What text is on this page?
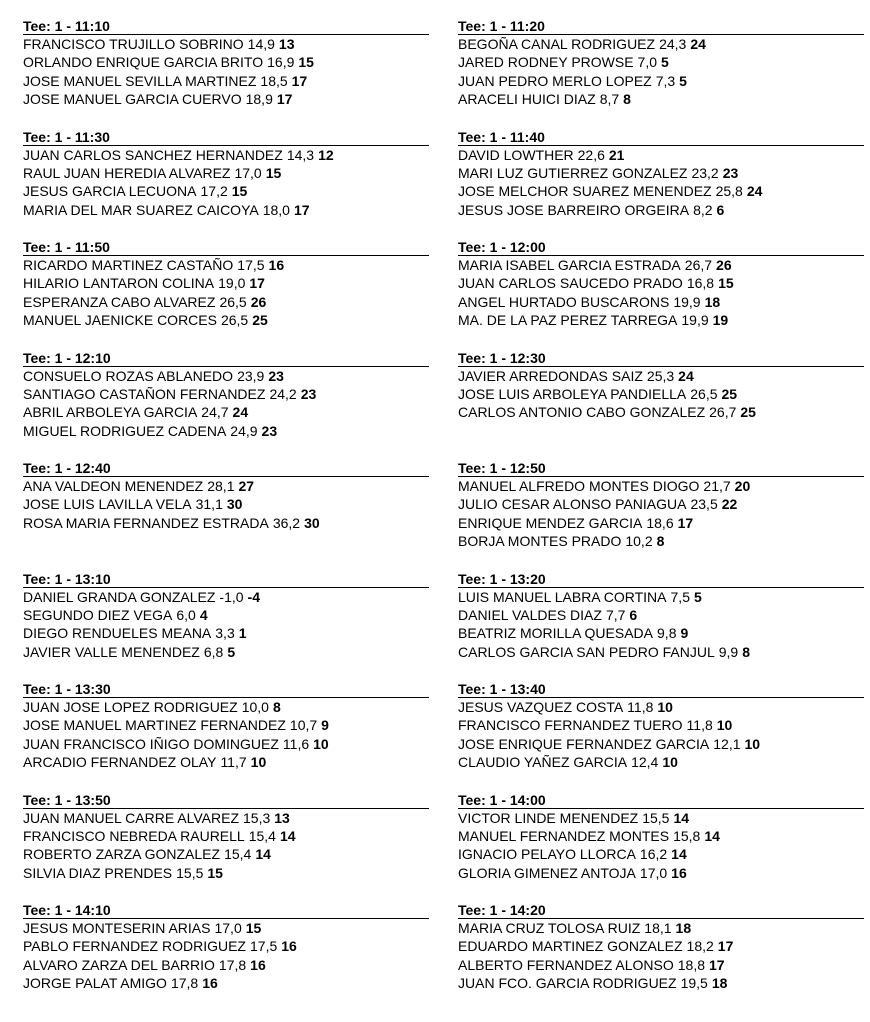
Tee: 1 - 11:10
FRANCISCO TRUJILLO SOBRINO 14,9 13
ORLANDO ENRIQUE GARCIA BRITO 16,9 15
JOSE MANUEL SEVILLA MARTINEZ 18,5 17
JOSE MANUEL GARCIA CUERVO 18,9 17
Tee: 1 - 11:30
JUAN CARLOS SANCHEZ HERNANDEZ 14,3 12
RAUL JUAN HEREDIA ALVAREZ 17,0 15
JESUS GARCIA LECUONA 17,2 15
MARIA DEL MAR SUAREZ CAICOYA 18,0 17
Tee: 1 - 11:50
RICARDO MARTINEZ CASTAÑO 17,5 16
HILARIO LANTARON COLINA 19,0 17
ESPERANZA CABO ALVAREZ 26,5 26
MANUEL JAENICKE CORCES 26,5 25
Tee: 1 - 12:10
CONSUELO ROZAS ABLANEDO 23,9 23
SANTIAGO CASTAÑON FERNANDEZ 24,2 23
ABRIL ARBOLEYA GARCIA 24,7 24
MIGUEL RODRIGUEZ CADENA 24,9 23
Tee: 1 - 12:40
ANA VALDEON MENENDEZ 28,1 27
JOSE LUIS LAVILLA VELA 31,1 30
ROSA MARIA FERNANDEZ ESTRADA 36,2 30
Tee: 1 - 13:10
DANIEL GRANDA GONZALEZ -1,0 -4
SEGUNDO DIEZ VEGA 6,0 4
DIEGO RENDUELES MEANA 3,3 1
JAVIER VALLE MENENDEZ 6,8 5
Tee: 1 - 13:30
JUAN JOSE LOPEZ RODRIGUEZ 10,0 8
JOSE MANUEL MARTINEZ FERNANDEZ 10,7 9
JUAN FRANCISCO IÑIGO DOMINGUEZ 11,6 10
ARCADIO FERNANDEZ OLAY 11,7 10
Tee: 1 - 13:50
JUAN MANUEL CARRE ALVAREZ 15,3 13
FRANCISCO NEBREDA RAURELL 15,4 14
ROBERTO ZARZA GONZALEZ 15,4 14
SILVIA DIAZ PRENDES 15,5 15
Tee: 1 - 14:10
JESUS MONTESERIN ARIAS 17,0 15
PABLO FERNANDEZ RODRIGUEZ 17,5 16
ALVARO ZARZA DEL BARRIO 17,8 16
JORGE PALAT AMIGO 17,8 16
Tee: 1 - 11:20
BEGOÑA CANAL RODRIGUEZ 24,3 24
JARED RODNEY PROWSE 7,0 5
JUAN PEDRO MERLO LOPEZ 7,3 5
ARACELI HUICI DIAZ 8,7 8
Tee: 1 - 11:40
DAVID LOWTHER 22,6 21
MARI LUZ GUTIERREZ GONZALEZ 23,2 23
JOSE MELCHOR SUAREZ MENENDEZ 25,8 24
JESUS JOSE BARREIRO ORGEIRA 8,2 6
Tee: 1 - 12:00
MARIA ISABEL GARCIA ESTRADA 26,7 26
JUAN CARLOS SAUCEDO PRADO 16,8 15
ANGEL HURTADO BUSCARONS 19,9 18
MA. DE LA PAZ PEREZ TARREGA 19,9 19
Tee: 1 - 12:30
JAVIER ARREDONDAS SAIZ 25,3 24
JOSE LUIS ARBOLEYA PANDIELLA 26,5 25
CARLOS ANTONIO CABO GONZALEZ 26,7 25
Tee: 1 - 12:50
MANUEL ALFREDO MONTES DIOGO 21,7 20
JULIO CESAR ALONSO PANIAGUA 23,5 22
ENRIQUE MENDEZ GARCIA 18,6 17
BORJA MONTES PRADO 10,2 8
Tee: 1 - 13:20
LUIS MANUEL LABRA CORTINA 7,5 5
DANIEL VALDES DIAZ 7,7 6
BEATRIZ MORILLA QUESADA 9,8 9
CARLOS GARCIA SAN PEDRO FANJUL 9,9 8
Tee: 1 - 13:40
JESUS VAZQUEZ COSTA 11,8 10
FRANCISCO FERNANDEZ TUERO 11,8 10
JOSE ENRIQUE FERNANDEZ GARCIA 12,1 10
CLAUDIO YAÑEZ GARCIA 12,4 10
Tee: 1 - 14:00
VICTOR LINDE MENENDEZ 15,5 14
MANUEL FERNANDEZ MONTES 15,8 14
IGNACIO PELAYO LLORCA 16,2 14
GLORIA GIMENEZ ANTOJA 17,0 16
Tee: 1 - 14:20
MARIA CRUZ TOLOSA RUIZ 18,1 18
EDUARDO MARTINEZ GONZALEZ 18,2 17
ALBERTO FERNANDEZ ALONSO 18,8 17
JUAN FCO. GARCIA RODRIGUEZ 19,5 18
